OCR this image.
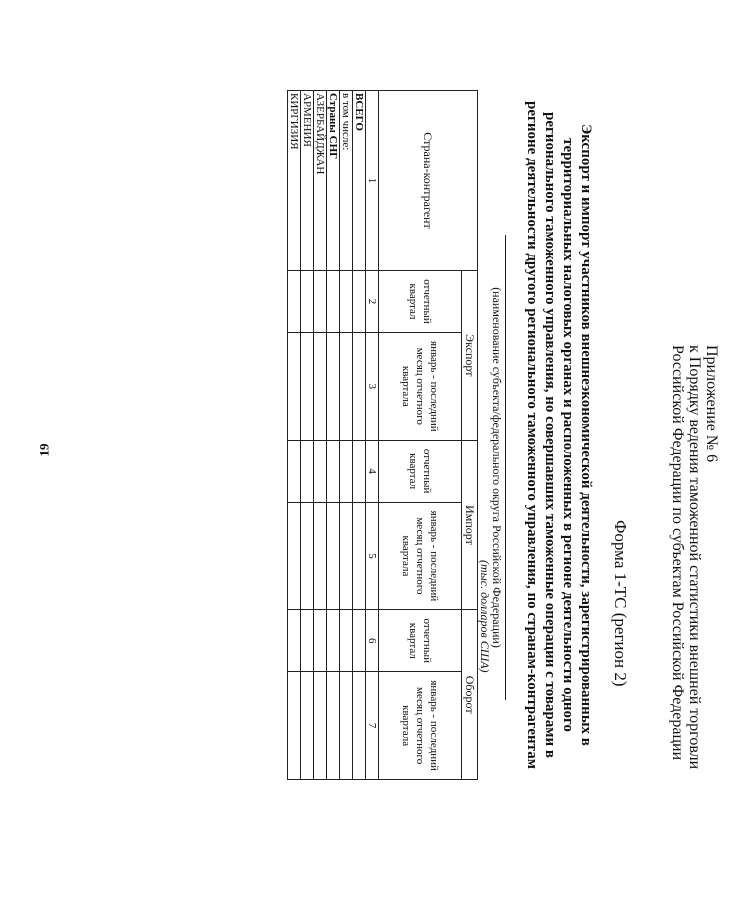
19	Приложение № 6
к Порядку ведения таможенной статистики внешней торговли
Российской Федерации по субъектам Российской Федерации
Форма 1-ТС (регион 2)
Экспорт и импорт участников внешнеэкономической деятельности, зарегистрированных в территориальных налоговых органах и расположенных в регионе деятельности одного регионального таможенного управления, но совершавших таможенные операции с товарами в регионе деятельности другого регионального таможенного управления, по странам-контрагентам
(наименование субъекта/федерального округа Российской Федерации)
(тыс. долларов США)
Страна-контрагент	Экспорт		Импорт		Оборот	
	отчетный квартал	январь - последний месяц отчетного квартала	отчетный квартал	январь - последний месяц отчетного квартала	отчетный квартал	январь - последний месяц отчетного квартала
1	2	3	4	5	6	7
ВСЕГО						
в том числе:						
Страны СНГ						
АЗЕРБАЙДЖАН						
АРМЕНИЯ						
КИРГИЗИЯ						
